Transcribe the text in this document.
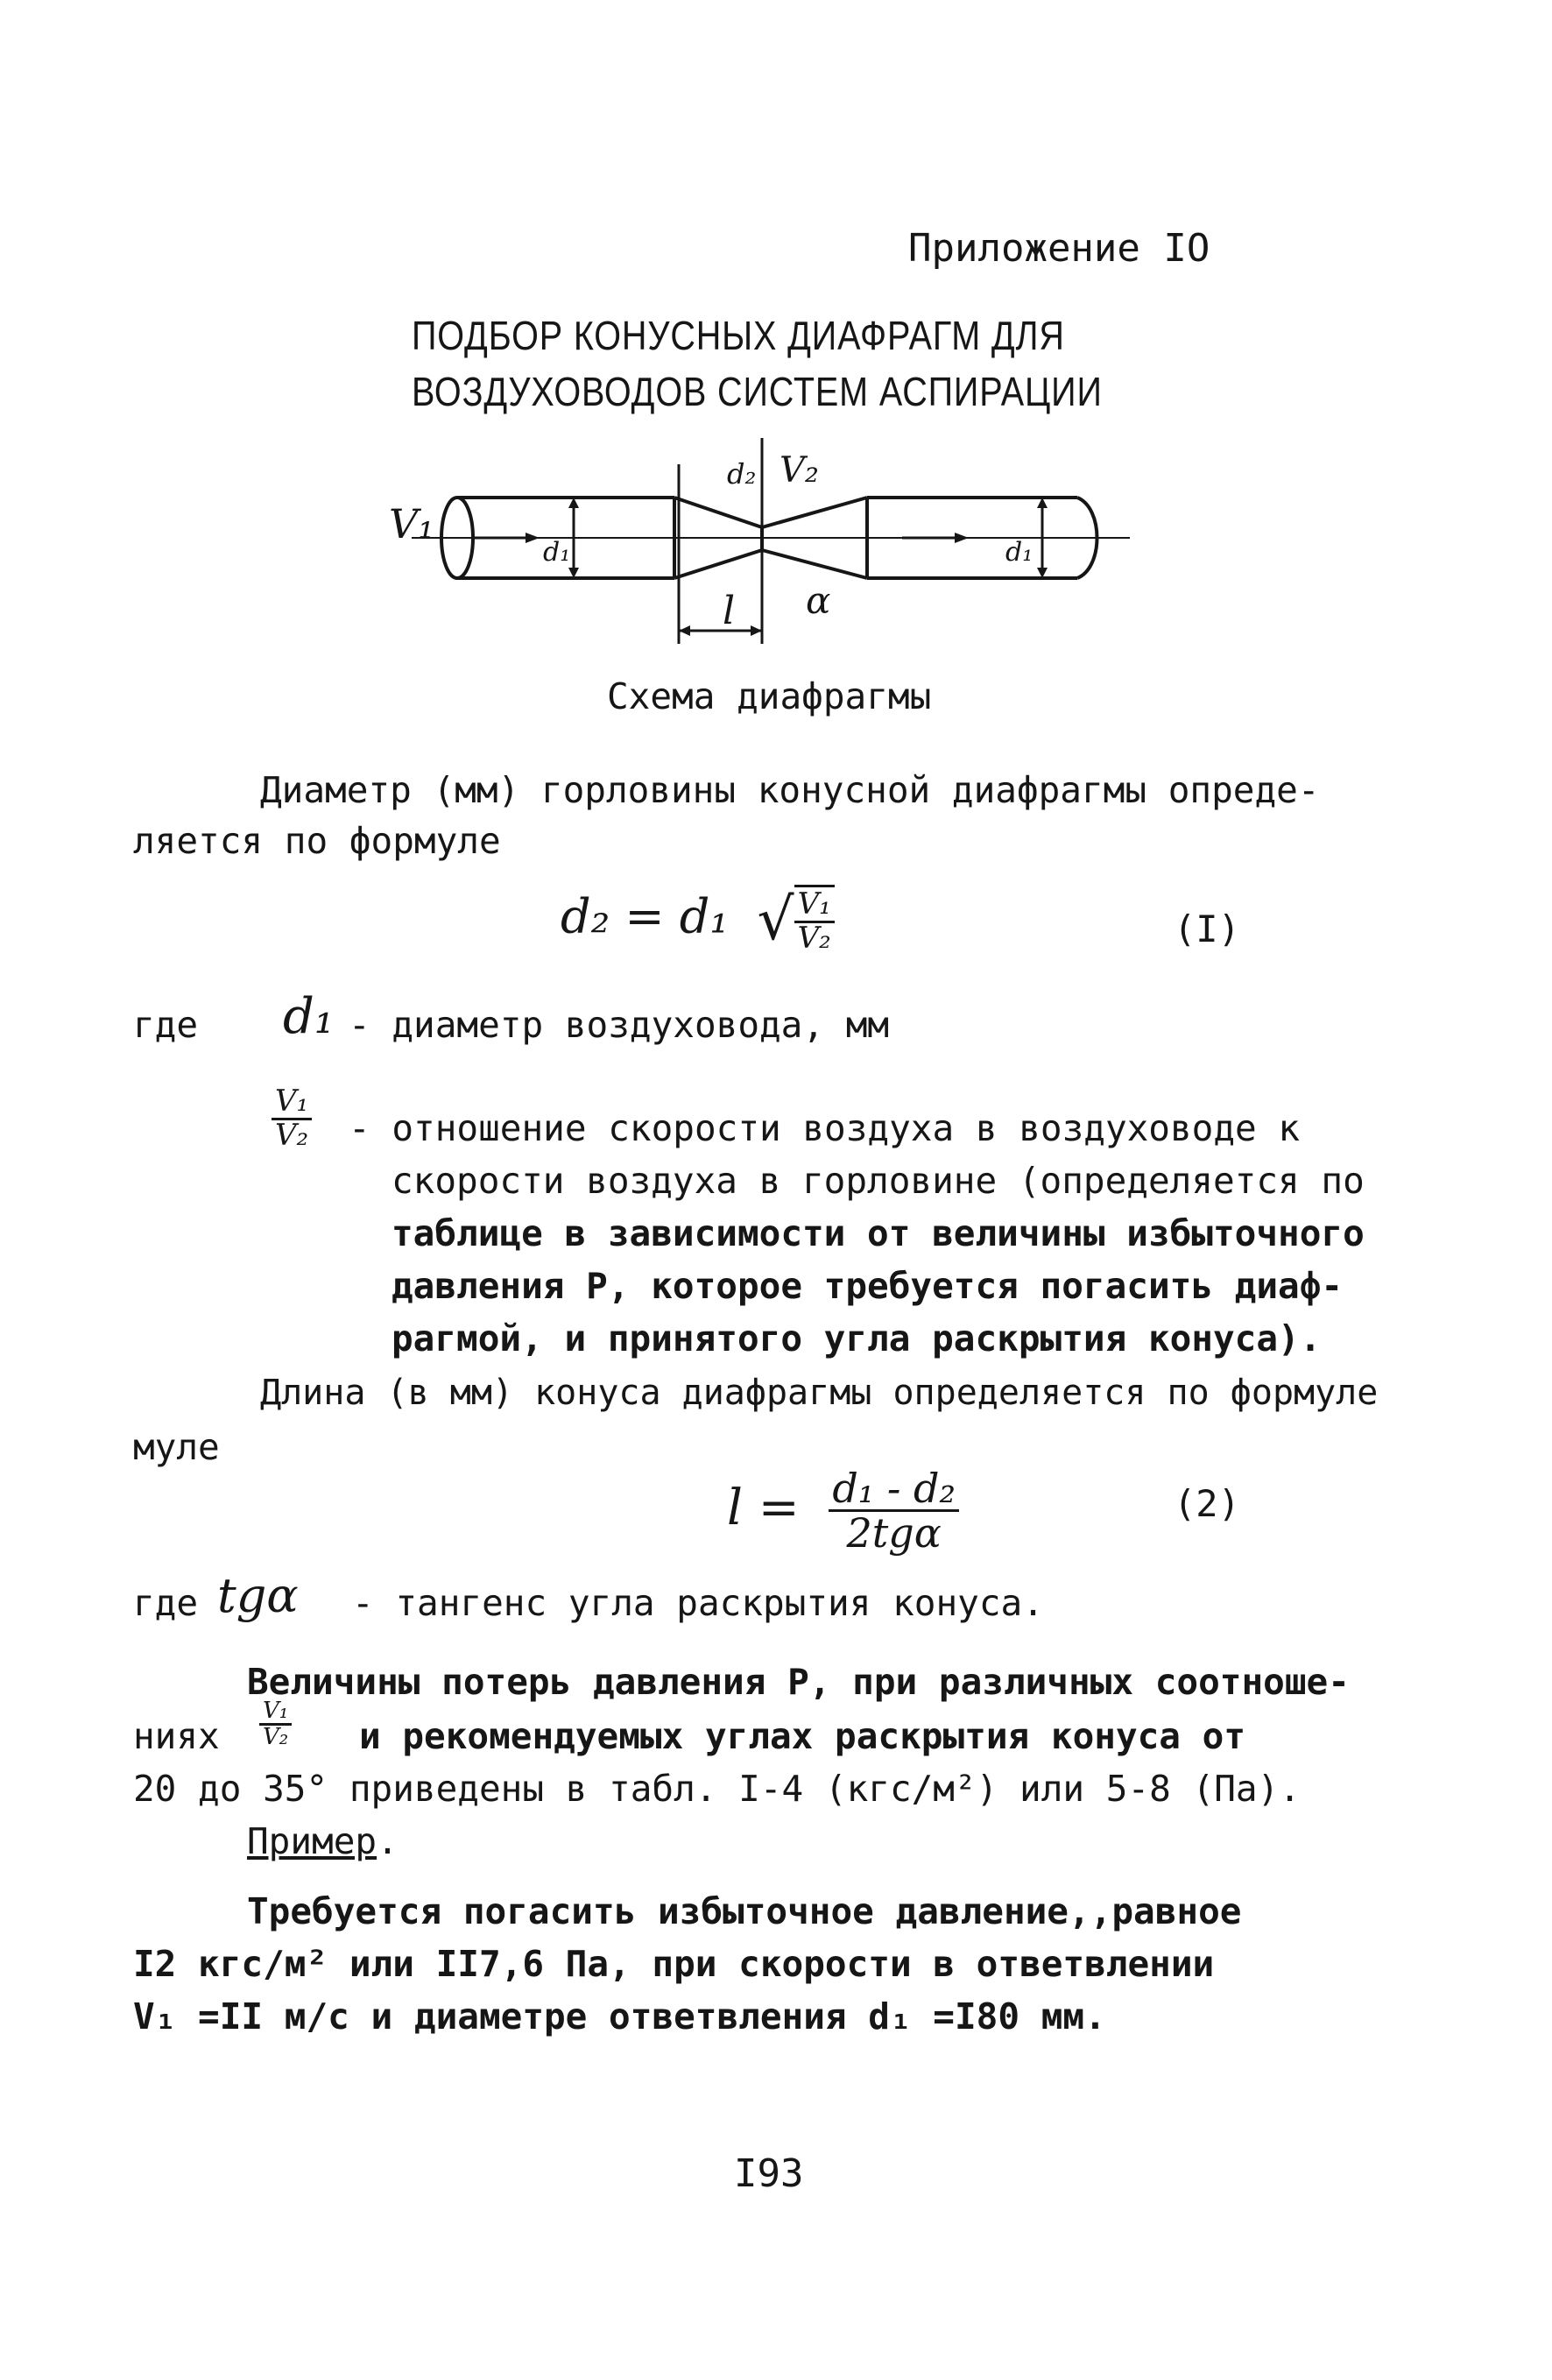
Приложение IO
ПОДБОР КОНУСНЫХ ДИАФРАГМ ДЛЯ
ВОЗДУХОВОДОВ СИСТЕМ АСПИРАЦИИ
V₁
d₁
d₂ V₂
l α
d₁
Схема диафрагмы
Диаметр (мм) горловины конусной диафрагмы опреде-
ляется по формуле
d₂ = d₁ √ $\frac{\text{V₁}}{\text{V₂}}$	(I)
где d₁ - диаметр воздуховода, мм
$\frac{\text{V₁}}{\text{V₂}}$ - отношение скорости воздуха в воздуховоде к
скорости воздуха в горловине (определяется по
таблице в зависимости от величины избыточного
давления Р, которое требуется погасить диаф-
рагмой, и принятого угла раскрытия конуса).
Длина (в мм) конуса диафрагмы определяется по формуле
муле
$l = \frac{\text{d₁ - d₂}}{\text{2tgα}}$	(2)
где tgα - тангенс угла раскрытия конуса.
Величины потерь давления Р, при различных соотноше-
ниях $\frac{\text{V₁}}{\text{V₂}}$ и рекомендуемых углах раскрытия конуса от
20 до 35° приведены в табл. I-4 (кгс/м²) или 5-8 (Па).
Пример.
Требуется погасить избыточное давление,,равное
I2 кгс/м² или II7,6 Па, при скорости в ответвлении
V₁ =II м/с и диаметре ответвления d₁ =I80 мм.
I93
